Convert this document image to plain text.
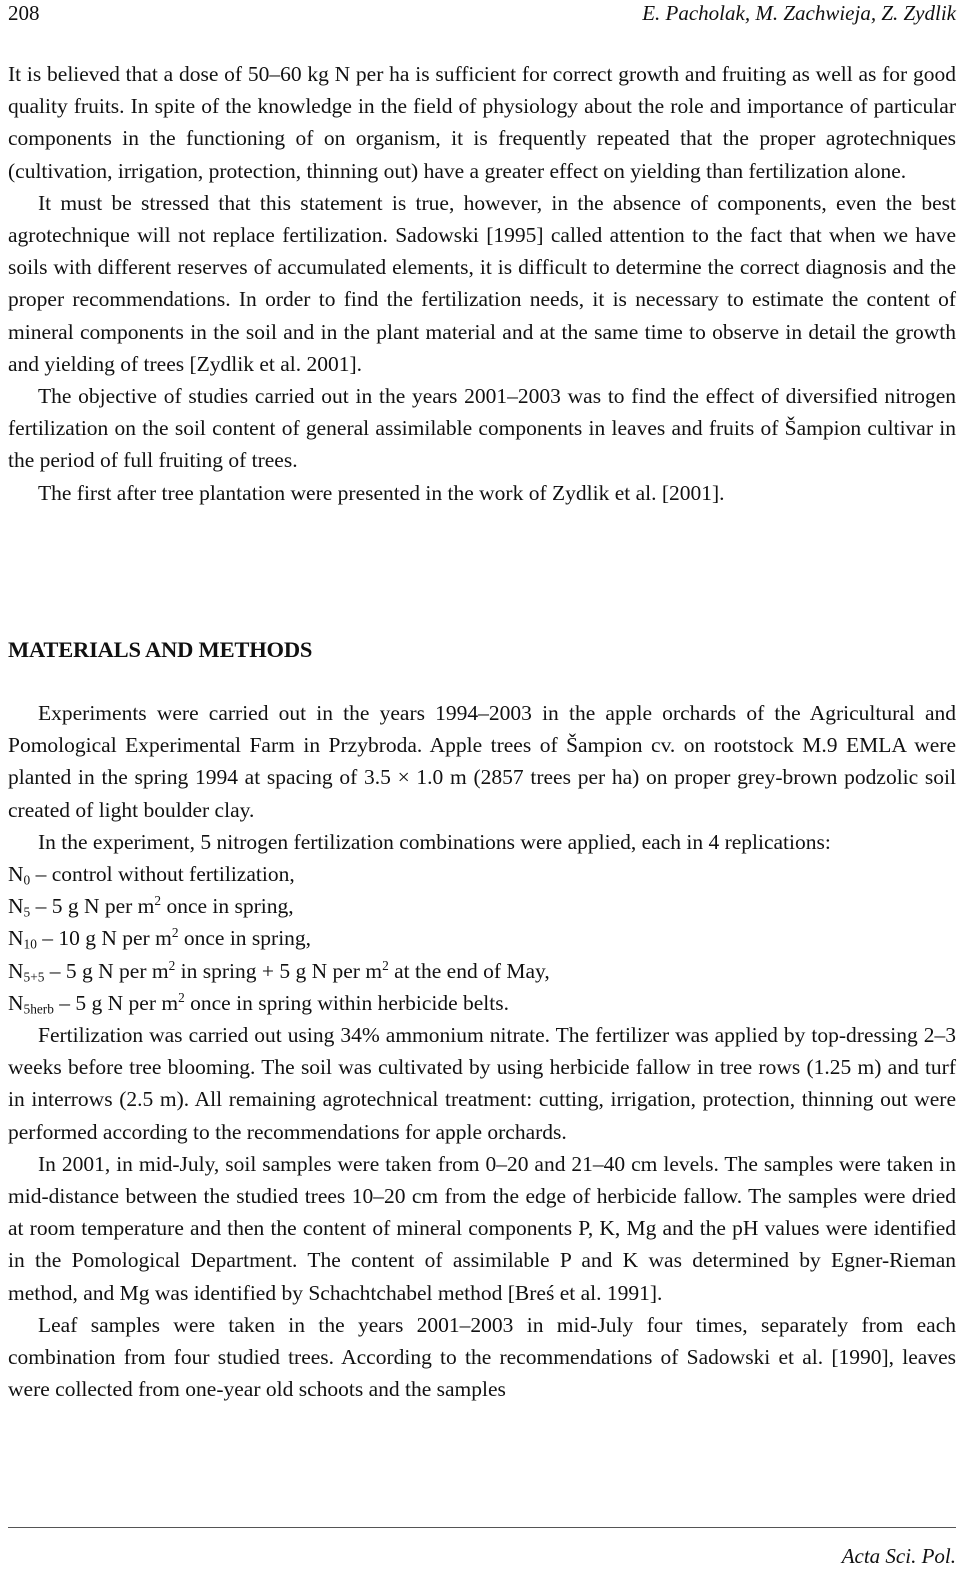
208	E. Pacholak, M. Zachwieja, Z. Zydlik

It is believed that a dose of 50–60 kg N per ha is sufficient for correct growth and fruiting as well as for good quality fruits. In spite of the knowledge in the field of physiology about the role and importance of particular components in the functioning of on organism, it is frequently repeated that the proper agrotechniques (cultivation, irrigation, protection, thinning out) have a greater effect on yielding than fertilization alone.

It must be stressed that this statement is true, however, in the absence of components, even the best agrotechnique will not replace fertilization. Sadowski [1995] called attention to the fact that when we have soils with different reserves of accumulated elements, it is difficult to determine the correct diagnosis and the proper recommendations. In order to find the fertilization needs, it is necessary to estimate the content of mineral components in the soil and in the plant material and at the same time to observe in detail the growth and yielding of trees [Zydlik et al. 2001].

The objective of studies carried out in the years 2001–2003 was to find the effect of diversified nitrogen fertilization on the soil content of general assimilable components in leaves and fruits of Šampion cultivar in the period of full fruiting of trees.

The first after tree plantation were presented in the work of Zydlik et al. [2001].

MATERIALS AND METHODS

Experiments were carried out in the years 1994–2003 in the apple orchards of the Agricultural and Pomological Experimental Farm in Przybroda. Apple trees of Šampion cv. on rootstock M.9 EMLA were planted in the spring 1994 at spacing of 3.5 × 1.0 m (2857 trees per ha) on proper grey-brown podzolic soil created of light boulder clay.

In the experiment, 5 nitrogen fertilization combinations were applied, each in 4 replications:

$N_0$ – control without fertilization,

$N_5 - 5$ g N per $m^2$ once in spring,

$N_{10} - 10$ g N per $m^2$ once in spring,

$N_{5+5} - 5$ g N per $m^2$ in spring + 5 g N per $m^2$ at the end of May,

$N_{5herb} - 5$ g N per $m^2$ once in spring within herbicide belts.

Fertilization was carried out using 34% ammonium nitrate. The fertilizer was applied by top-dressing 2–3 weeks before tree blooming. The soil was cultivated by using herbicide fallow in tree rows (1.25 m) and turf in interrows (2.5 m). All remaining agrotechnical treatment: cutting, irrigation, protection, thinning out were performed according to the recommendations for apple orchards.

In 2001, in mid-July, soil samples were taken from 0–20 and 21–40 cm levels. The samples were taken in mid-distance between the studied trees 10–20 cm from the edge of herbicide fallow. The samples were dried at room temperature and then the content of mineral components P, K, Mg and the pH values were identified in the Pomological Department. The content of assimilable P and K was determined by Egner-Rieman method, and Mg was identified by Schachtchabel method [Breś et al. 1991].

Leaf samples were taken in the years 2001–2003 in mid-July four times, separately from each combination from four studied trees. According to the recommendations of Sadowski et al. [1990], leaves were collected from one-year old schoots and the samples

Acta Sci. Pol.
